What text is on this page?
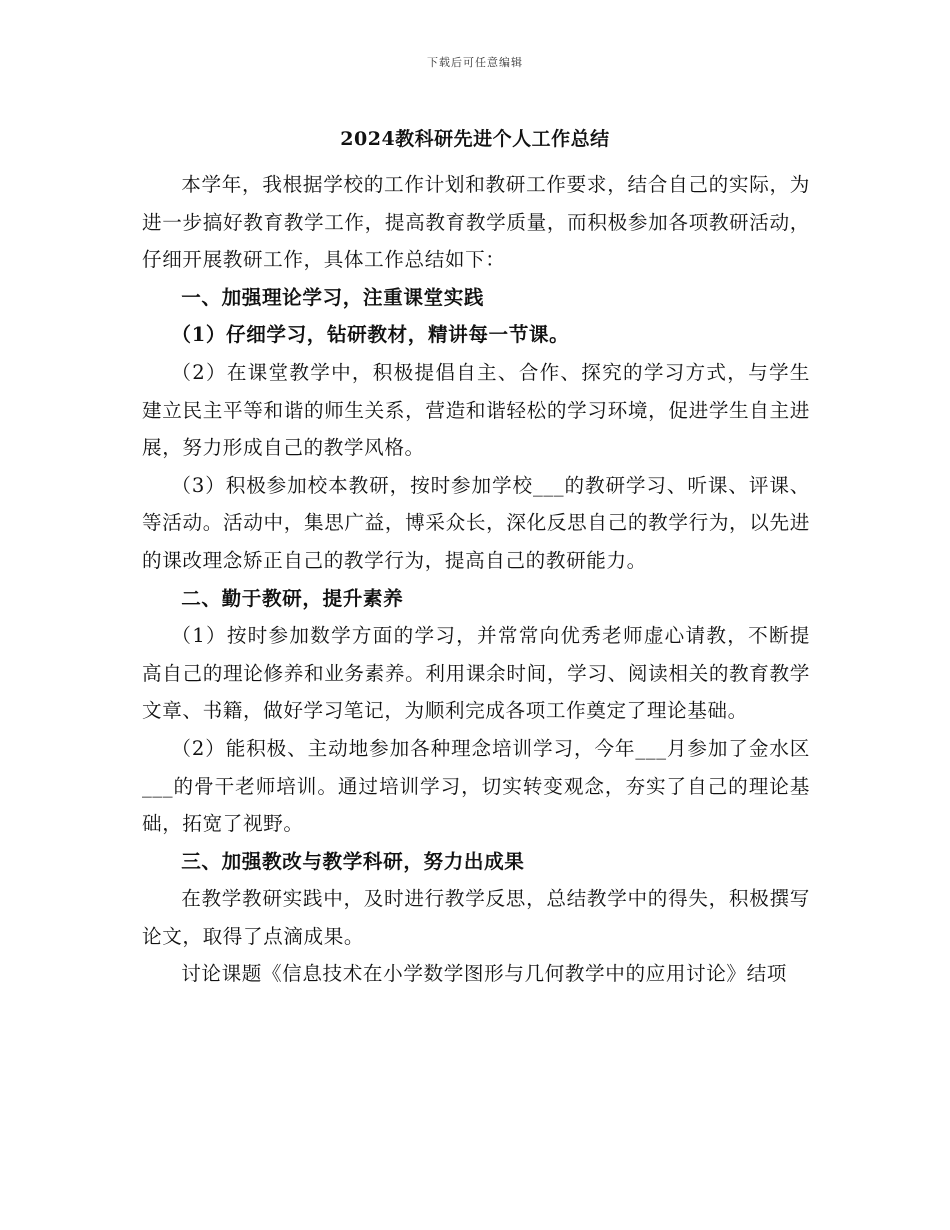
下载后可任意编辑
2024教科研先进个人工作总结

本学年，我根据学校的工作计划和教研工作要求，结合自己的实际，为进一步搞好教育教学工作，提高教育教学质量，而积极参加各项教研活动，仔细开展教研工作，具体工作总结如下：

一、加强理论学习，注重课堂实践

（1）仔细学习，钻研教材，精讲每一节课。

（2）在课堂教学中，积极提倡自主、合作、探究的学习方式，与学生建立民主平等和谐的师生关系，营造和谐轻松的学习环境，促进学生自主进展，努力形成自己的教学风格。

（3）积极参加校本教研，按时参加学校___的教研学习、听课、评课、等活动。活动中，集思广益，博采众长，深化反思自己的教学行为，以先进的课改理念矫正自己的教学行为，提高自己的教研能力。

二、勤于教研，提升素养

（1）按时参加数学方面的学习，并常常向优秀老师虚心请教，不断提高自己的理论修养和业务素养。利用课余时间，学习、阅读相关的教育教学文章、书籍，做好学习笔记，为顺利完成各项工作奠定了理论基础。

（2）能积极、主动地参加各种理念培训学习，今年___月参加了金水区___的骨干老师培训。通过培训学习，切实转变观念，夯实了自己的理论基础，拓宽了视野。

三、加强教改与教学科研，努力出成果

在教学教研实践中，及时进行教学反思，总结教学中的得失，积极撰写论文，取得了点滴成果。

讨论课题《信息技术在小学数学图形与几何教学中的应用讨论》结项
